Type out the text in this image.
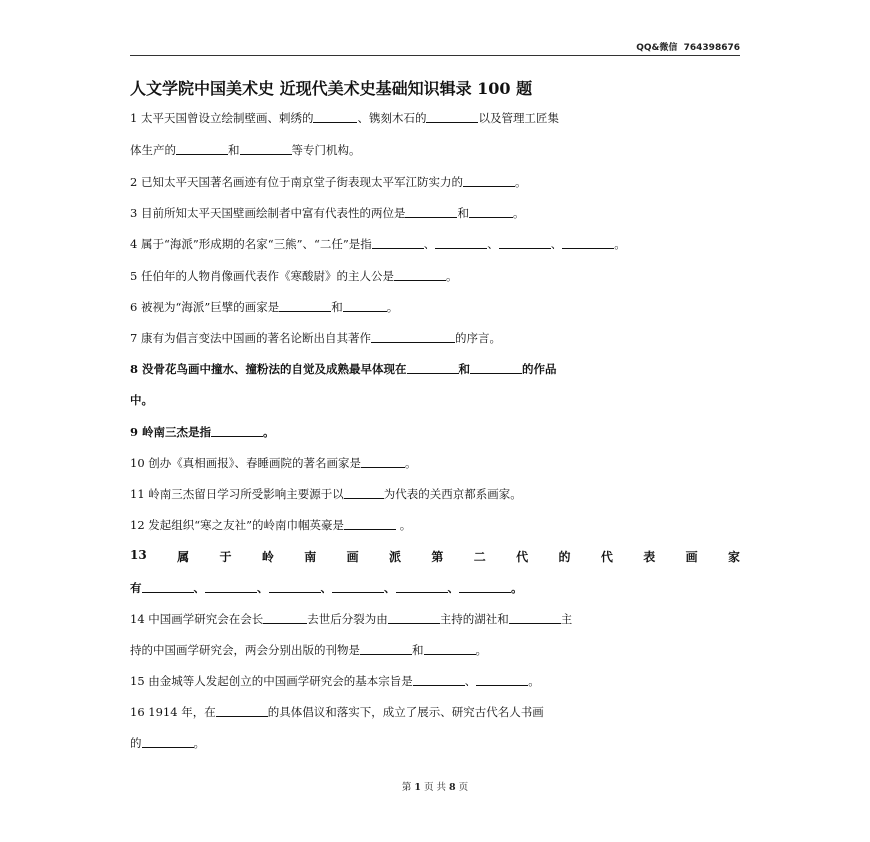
QQ&微信  764398676
人文学院中国美术史 近现代美术史基础知识辑录 100 题
1 太平天国曾设立绘制壁画、剌绣的	、镌刻木石的	以及管理工匠集
体生产的	和	等专门机构。
2 已知太平天国著名画迹有位于南京堂子街表现太平军江防实力的	。
3 目前所知太平天国壁画绘制者中富有代表性的两位是	和	。
4 属于“海派”形成期的名家“三熊”、“二任”是指	、	、	、	。
5 任伯年的人物肖像画代表作《寒酸尉》的主人公是	。
6 被视为“海派”巨擘的画家是	和	。
7 康有为倡言变法中国画的著名论断出自其著作	的序言。
8 没骨花鸟画中撞水、撞粉法的自觉及成熟最早体现在	和	的作品
中。
9 岭南三杰是指	。
10 创办《真相画报》、春睡画院的著名画家是	。
11 岭南三杰留日学习所受影响主要源于以	为代表的关西京都系画家。
12 发起组织“寒之友社”的岭南巾帼英豪是	。
13	属	于	岭	南	画	派	第	二	代	的	代	表	画	家
有	、	、	、	、	、	。
14 中国画学研究会在会长	去世后分裂为由	主持的湖社和	主
持的中国画学研究会，两会分别出版的刊物是	和	。
15 由金城等人发起创立的中国画学研究会的基本宗旨是	、	。
16 1914 年，在	的具体倡议和落实下，成立了展示、研究古代名人书画
的	。
第 1 页 共 8 页
